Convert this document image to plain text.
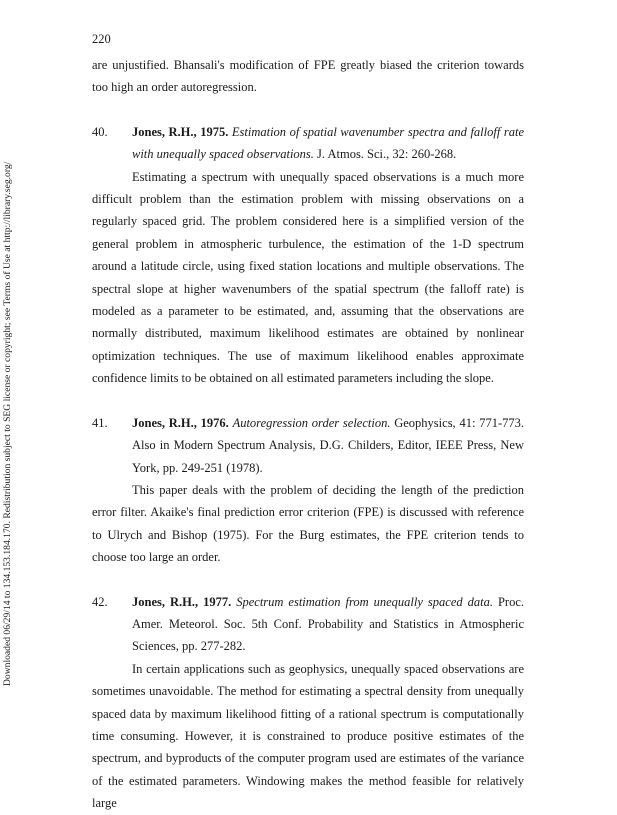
220
Downloaded 06/29/14 to 134.153.184.170. Redistribution subject to SEG license or copyright; see Terms of Use at http://library.seg.org/

are unjustified. Bhansali's modification of FPE greatly biased the criterion towards too high an order autoregression.

40. Jones, R.H., 1975. Estimation of spatial wavenumber spectra and falloff rate with unequally spaced observations. J. Atmos. Sci., 32: 260-268.

Estimating a spectrum with unequally spaced observations is a much more difficult problem than the estimation problem with missing observations on a regularly spaced grid. The problem considered here is a simplified version of the general problem in atmospheric turbulence, the estimation of the 1-D spectrum around a latitude circle, using fixed station locations and multiple observations. The spectral slope at higher wavenumbers of the spatial spectrum (the falloff rate) is modeled as a parameter to be estimated, and, assuming that the observations are normally distributed, maximum likelihood estimates are obtained by nonlinear optimization techniques. The use of maximum likelihood enables approximate confidence limits to be obtained on all estimated parameters including the slope.

41. Jones, R.H., 1976. Autoregression order selection. Geophysics, 41: 771-773. Also in Modern Spectrum Analysis, D.G. Childers, Editor, IEEE Press, New York, pp. 249-251 (1978).

This paper deals with the problem of deciding the length of the prediction error filter. Akaike's final prediction error criterion (FPE) is discussed with reference to Ulrych and Bishop (1975). For the Burg estimates, the FPE criterion tends to choose too large an order.

42. Jones, R.H., 1977. Spectrum estimation from unequally spaced data. Proc. Amer. Meteorol. Soc. 5th Conf. Probability and Statistics in Atmospheric Sciences, pp. 277-282.

In certain applications such as geophysics, unequally spaced observations are sometimes unavoidable. The method for estimating a spectral density from unequally spaced data by maximum likelihood fitting of a rational spectrum is computationally time consuming. However, it is constrained to produce positive estimates of the spectrum, and byproducts of the computer program used are estimates of the variance of the estimated parameters. Windowing makes the method feasible for relatively large
